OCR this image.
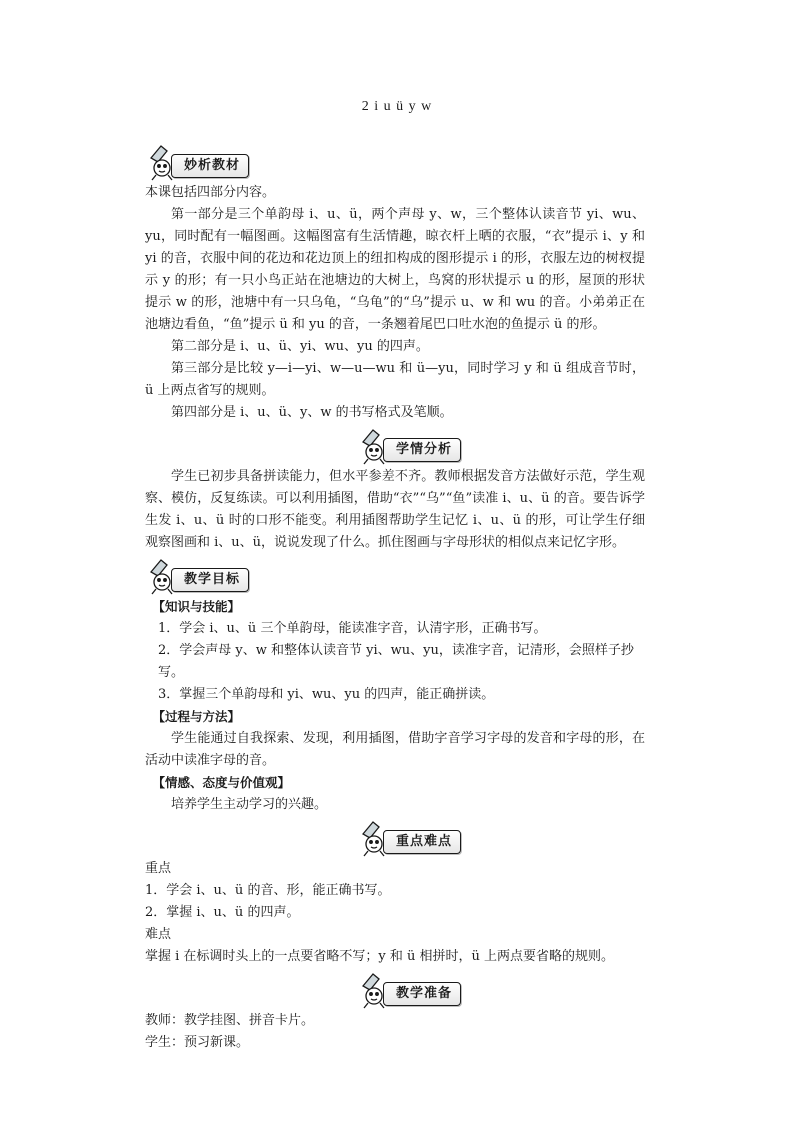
2 i u ü y w
妙析教材

本课包括四部分内容。

第一部分是三个单韵母 i、u、ü，两个声母 y、w，三个整体认读音节 yi、wu、yu，同时配有一幅图画。这幅图富有生活情趣，晾衣杆上晒的衣服，“衣”提示 i、y 和 yi 的音，衣服中间的花边和花边顶上的纽扣构成的图形提示 i 的形，衣服左边的树杈提示 y 的形；有一只小鸟正站在池塘边的大树上，鸟窝的形状提示 u 的形，屋顶的形状提示 w 的形，池塘中有一只乌龟，“乌龟”的“乌”提示 u、w 和 wu 的音。小弟弟正在池塘边看鱼，“鱼”提示 ü 和 yu 的音，一条翘着尾巴口吐水泡的鱼提示 ü 的形。

第二部分是 i、u、ü、yi、wu、yu 的四声。

第三部分是比较 y—i—yi、w—u—wu 和 ü—yu，同时学习 y 和 ü 组成音节时，ü 上两点省写的规则。

第四部分是 i、u、ü、y、w 的书写格式及笔顺。

学情分析

学生已初步具备拼读能力，但水平参差不齐。教师根据发音方法做好示范，学生观察、模仿，反复练读。可以利用插图，借助“衣”“乌”“鱼”读准 i、u、ü 的音。要告诉学生发 i、u、ü 时的口形不能变。利用插图帮助学生记忆 i、u、ü 的形，可让学生仔细观察图画和 i、u、ü，说说发现了什么。抓住图画与字母形状的相似点来记忆字形。

教学目标

【知识与技能】

1．学会 i、u、ü 三个单韵母，能读准字音，认清字形，正确书写。

2．学会声母 y、w 和整体认读音节 yi、wu、yu，读准字音，记清形，会照样子抄写。

3．掌握三个单韵母和 yi、wu、yu 的四声，能正确拼读。

【过程与方法】

学生能通过自我探索、发现，利用插图，借助字音学习字母的发音和字母的形，在活动中读准字母的音。

【情感、态度与价值观】

培养学生主动学习的兴趣。

重点难点

重点

1．学会 i、u、ü 的音、形，能正确书写。

2．掌握 i、u、ü 的四声。

难点

掌握 i 在标调时头上的一点要省略不写；y 和 ü 相拼时，ü 上两点要省略的规则。

教学准备

教师：教学挂图、拼音卡片。

学生：预习新课。
